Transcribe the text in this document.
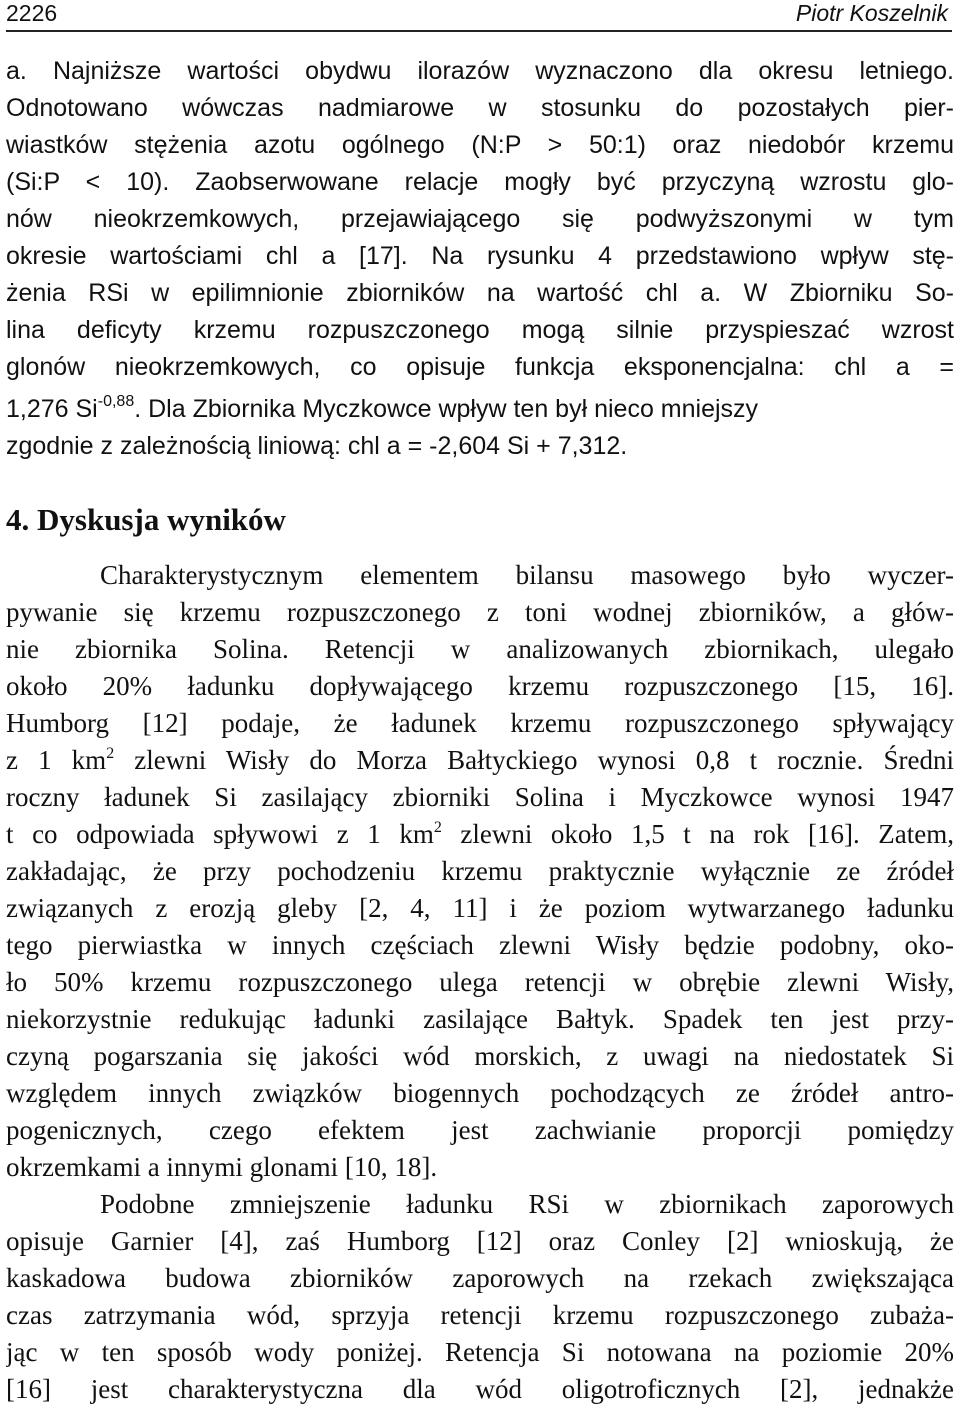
2226	Piotr Koszelnik
a. Najniższe wartości obydwu ilorazów wyznaczono dla okresu letniego.
Odnotowano wówczas nadmiarowe w stosunku do pozostałych pier-
wiastków stężenia azotu ogólnego (N:P > 50:1) oraz niedobór krzemu
(Si:P < 10). Zaobserwowane relacje mogły być przyczyną wzrostu glo-
nów nieokrzemkowych, przejawiającego się podwyższonymi w tym
okresie wartościami chl a [17]. Na rysunku 4 przedstawiono wpływ stę-
żenia RSi w epilimnionie zbiorników na wartość chl a. W Zbiorniku So-
lina deficyty krzemu rozpuszczonego mogą silnie przyspieszać wzrost
glonów nieokrzemkowych, co opisuje funkcja eksponencjalna: chl a =
1,276 $Si^{-0,88}$. Dla Zbiornika Myczkowce wpływ ten był nieco mniejszy
zgodnie z zależnością liniową: chl a = -2,604 Si + 7,312.
4. Dyskusja wyników
Charakterystycznym elementem bilansu masowego było wyczer-
pywanie się krzemu rozpuszczonego z toni wodnej zbiorników, a głów-
nie zbiornika Solina. Retencji w analizowanych zbiornikach, ulegało
około 20% ładunku dopływającego krzemu rozpuszczonego [15, 16].
Humborg [12] podaje, że ładunek krzemu rozpuszczonego spływający
z 1 $km^2$ zlewni Wisły do Morza Bałtyckiego wynosi 0,8 t rocznie. Średni
roczny ładunek Si zasilający zbiorniki Solina i Myczkowce wynosi 1947
t co odpowiada spływowi z 1 $km^2$ zlewni około 1,5 t na rok [16]. Zatem,
zakładając, że przy pochodzeniu krzemu praktycznie wyłącznie ze źródeł
związanych z erozją gleby [2, 4, 11] i że poziom wytwarzanego ładunku
tego pierwiastka w innych częściach zlewni Wisły będzie podobny, oko-
ło 50% krzemu rozpuszczonego ulega retencji w obrębie zlewni Wisły,
niekorzystnie redukując ładunki zasilające Bałtyk. Spadek ten jest przy-
czyną pogarszania się jakości wód morskich, z uwagi na niedostatek Si
względem innych związków biogennych pochodzących ze źródeł antro-
pogenicznych, czego efektem jest zachwianie proporcji pomiędzy
okrzemkami a innymi glonami [10, 18].
Podobne zmniejszenie ładunku RSi w zbiornikach zaporowych
opisuje Garnier [4], zaś Humborg [12] oraz Conley [2] wnioskują, że
kaskadowa budowa zbiorników zaporowych na rzekach zwiększająca
czas zatrzymania wód, sprzyja retencji krzemu rozpuszczonego zubaża-
jąc w ten sposób wody poniżej. Retencja Si notowana na poziomie 20%
[16] jest charakterystyczna dla wód oligotroficznych [2], jednakże
